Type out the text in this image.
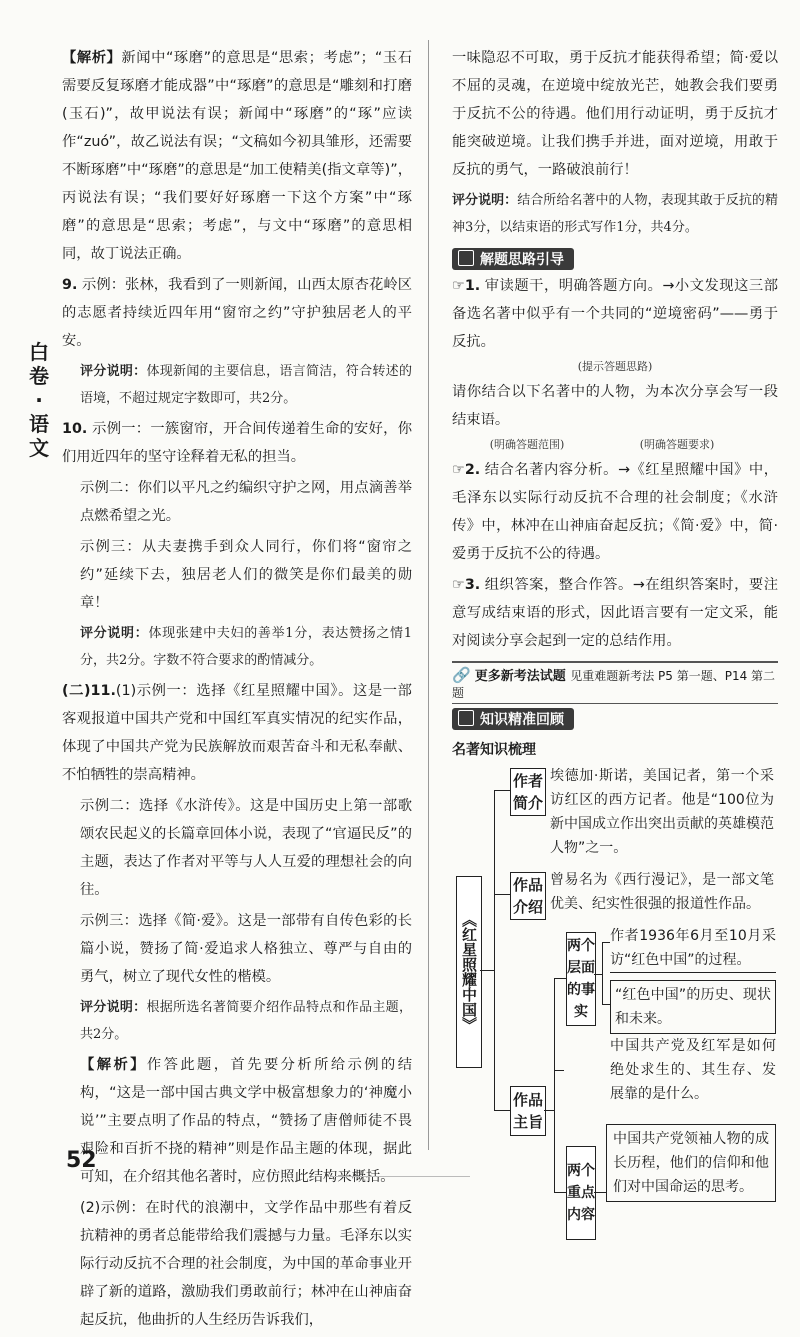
白卷·语文

【解析】新闻中“琢磨”的意思是“思索；考虑”；“玉石需要反复琢磨才能成器”中“琢磨”的意思是“雕刻和打磨(玉石)”，故甲说法有误；新闻中“琢磨”的“琢”应读作“zuó”，故乙说法有误；“文稿如今初具雏形，还需要不断琢磨”中“琢磨”的意思是“加工使精美(指文章等)”，丙说法有误；“我们要好好琢磨一下这个方案”中“琢磨”的意思是“思索；考虑”，与文中“琢磨”的意思相同，故丁说法正确。

9. 示例：张林，我看到了一则新闻，山西太原杏花岭区的志愿者持续近四年用“窗帘之约”守护独居老人的平安。

评分说明：体现新闻的主要信息，语言简洁，符合转述的语境，不超过规定字数即可，共2分。

10. 示例一：一簇窗帘，开合间传递着生命的安好，你们用近四年的坚守诠释着无私的担当。

示例二：你们以平凡之约编织守护之网，用点滴善举点燃希望之光。

示例三：从夫妻携手到众人同行，你们将“窗帘之约”延续下去，独居老人们的微笑是你们最美的勋章！

评分说明：体现张建中夫妇的善举1分，表达赞扬之情1分，共2分。字数不符合要求的酌情减分。

(二)11.(1)示例一：选择《红星照耀中国》。这是一部客观报道中国共产党和中国红军真实情况的纪实作品，体现了中国共产党为民族解放而艰苦奋斗和无私奉献、不怕牺牲的崇高精神。

示例二：选择《水浒传》。这是中国历史上第一部歌颂农民起义的长篇章回体小说，表现了“官逼民反”的主题，表达了作者对平等与人人互爱的理想社会的向往。

示例三：选择《简·爱》。这是一部带有自传色彩的长篇小说，赞扬了简·爱追求人格独立、尊严与自由的勇气，树立了现代女性的楷模。

评分说明：根据所选名著简要介绍作品特点和作品主题，共2分。

【解析】作答此题，首先要分析所给示例的结构，“这是一部中国古典文学中极富想象力的‘神魔小说’”主要点明了作品的特点，“赞扬了唐僧师徒不畏艰险和百折不挠的精神”则是作品主题的体现，据此可知，在介绍其他名著时，应仿照此结构来概括。

(2)示例：在时代的浪潮中，文学作品中那些有着反抗精神的勇者总能带给我们震撼与力量。毛泽东以实际行动反抗不合理的社会制度，为中国的革命事业开辟了新的道路，激励我们勇敢前行；林冲在山神庙奋起反抗，他曲折的人生经历告诉我们，

一味隐忍不可取，勇于反抗才能获得希望；简·爱以不屈的灵魂，在逆境中绽放光芒，她教会我们要勇于反抗不公的待遇。他们用行动证明，勇于反抗才能突破逆境。让我们携手并进，面对逆境，用敢于反抗的勇气，一路破浪前行！

评分说明：结合所给名著中的人物，表现其敢于反抗的精神3分，以结束语的形式写作1分，共4分。

解题思路引导

☞1. 审读题干，明确答题方向。→小文发现这三部备选名著中似乎有一个共同的“逆境密码”——勇于反抗。

(提示答题思路)

请你结合以下名著中的人物，为本次分享会写一段结束语。

(明确答题范围)	(明确答题要求)

☞2. 结合名著内容分析。→《红星照耀中国》中，毛泽东以实际行动反抗不合理的社会制度；《水浒传》中，林冲在山神庙奋起反抗；《简·爱》中，简·爱勇于反抗不公的待遇。

☞3. 组织答案，整合作答。→在组织答案时，要注意写成结束语的形式，因此语言要有一定文采，能对阅读分享会起到一定的总结作用。

🔗 更多新考法试题 见重难题新考法 P5 第一题、P14 第二题
知识精准回顾
名著知识梳理
《红星照耀中国》
作者简介
埃德加·斯诺，美国记者，第一个采访红区的西方记者。他是“100位为新中国成立作出突出贡献的英雄模范人物”之一。
作品介绍
曾易名为《西行漫记》，是一部文笔优美、纪实性很强的报道性作品。
作品主旨
两个层面的事实
作者1936年6月至10月采访“红色中国”的过程。
“红色中国”的历史、现状和未来。
中国共产党及红军是如何绝处求生的、其生存、发展靠的是什么。
两个重点内容
中国共产党领袖人物的成长历程，他们的信仰和他们对中国命运的思考。
52
